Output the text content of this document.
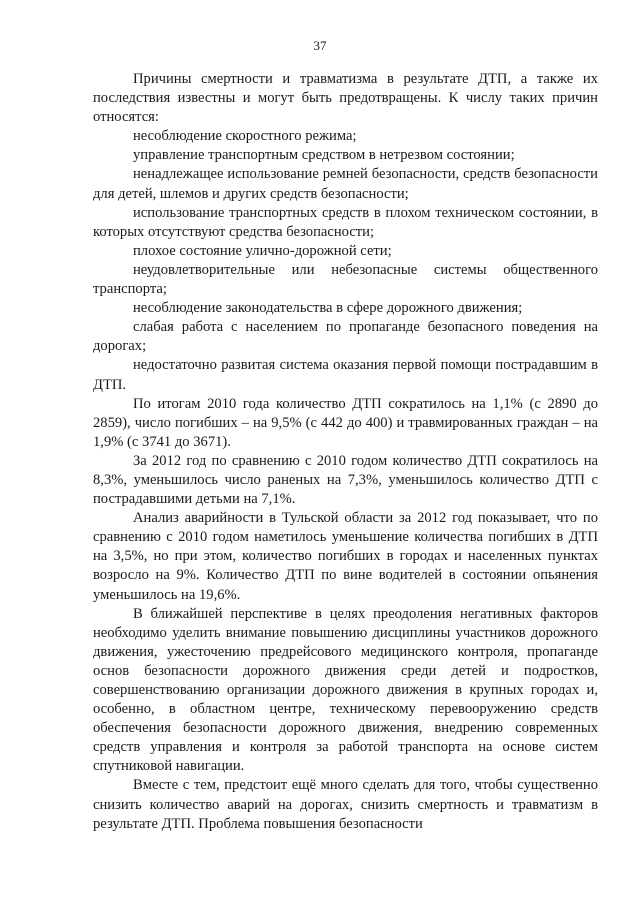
37

Причины смертности и травматизма в результате ДТП, а также их последствия известны и могут быть предотвращены. К числу таких причин относятся:

несоблюдение скоростного режима;

управление транспортным средством в нетрезвом состоянии;

ненадлежащее использование ремней безопасности, средств безопасности для детей, шлемов и других средств безопасности;

использование транспортных средств в плохом техническом состоянии, в которых отсутствуют средства безопасности;

плохое состояние улично-дорожной сети;

неудовлетворительные или небезопасные системы общественного транспорта;

несоблюдение законодательства в сфере дорожного движения;

слабая работа с населением по пропаганде безопасного поведения на дорогах;

недостаточно развитая система оказания первой помощи пострадавшим в ДТП.

По итогам 2010 года количество ДТП сократилось на 1,1% (с 2890 до 2859), число погибших – на 9,5% (с 442 до 400) и травмированных граждан – на 1,9% (с 3741 до 3671).

За 2012 год по сравнению с 2010 годом количество ДТП сократилось на 8,3%, уменьшилось число раненых на 7,3%, уменьшилось количество ДТП с пострадавшими детьми на 7,1%.

Анализ аварийности в Тульской области за 2012 год показывает, что по сравнению с 2010 годом наметилось уменьшение количества погибших в ДТП на 3,5%, но при этом, количество погибших в городах и населенных пунктах возросло на 9%. Количество ДТП по вине водителей в состоянии опьянения уменьшилось на 19,6%.

В ближайшей перспективе в целях преодоления негативных факторов необходимо уделить внимание повышению дисциплины участников дорожного движения, ужесточению предрейсового медицинского контроля, пропаганде основ безопасности дорожного движения среди детей и подростков, совершенствованию организации дорожного движения в крупных городах и, особенно, в областном центре, техническому перевооружению средств обеспечения безопасности дорожного движения, внедрению современных средств управления и контроля за работой транспорта на основе систем спутниковой навигации.

Вместе с тем, предстоит ещё много сделать для того, чтобы существенно снизить количество аварий на дорогах, снизить смертность и травматизм в результате ДТП. Проблема повышения безопасности
